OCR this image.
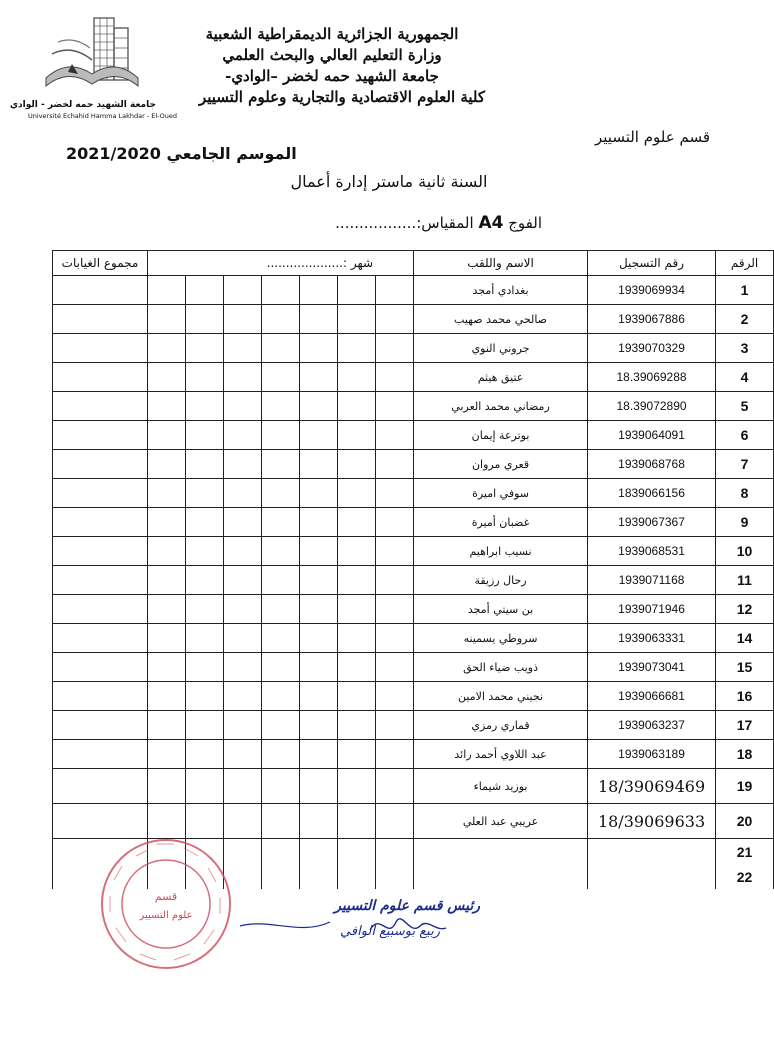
جامعة الشهيد حمه لخضر - الوادي
Université Echahid Hamma Lakhdar - El-Oued
الجمهورية الجزائرية الديمقراطية الشعبية
وزارة التعليم العالي والبحث العلمي
جامعة الشهيد حمه لخضر –الوادي-
كلية العلوم الاقتصادية والتجارية وعلوم التسيير
قسم علوم التسيير
الموسم الجامعي 2021/2020
السنة ثانية ماستر إدارة أعمال
الفوج A4 المقياس:.................
الرقم	رقم التسجيل	الاسم واللقب	شهر :....................							مجموع الغيابات
1	1939069934	بغدادي أمجد								
2	1939067886	صالحي محمد صهيب								
3	1939070329	جروني النوي								
4	18.39069288	عتيق هيثم								
5	18.39072890	رمضاني محمد العربي								
6	1939064091	بوترعة إيمان								
7	1939068768	قعري مروان								
8	1839066156	سوفي اميرة								
9	1939067367	غضبان أميرة								
10	1939068531	نسيب ابراهيم								
11	1939071168	رحال رزيقة								
12	1939071946	بن سيتي أمجد								
14	1939063331	سروطي يسمينه								
15	1939073041	ذويب ضياء الحق								
16	1939066681	نجيني محمد الامين								
17	1939063237	قماري رمزي								
18	1939063189	عبد اللاوي أحمد رائد								
19	18/39069469	بوزيد شيماء								
20	18/39069633	عريبي عبد العلي								
21										
22										
قسم
علوم التسيير
رئيس قسم علوم التسيير
ربيع بوسبيع الوافي
